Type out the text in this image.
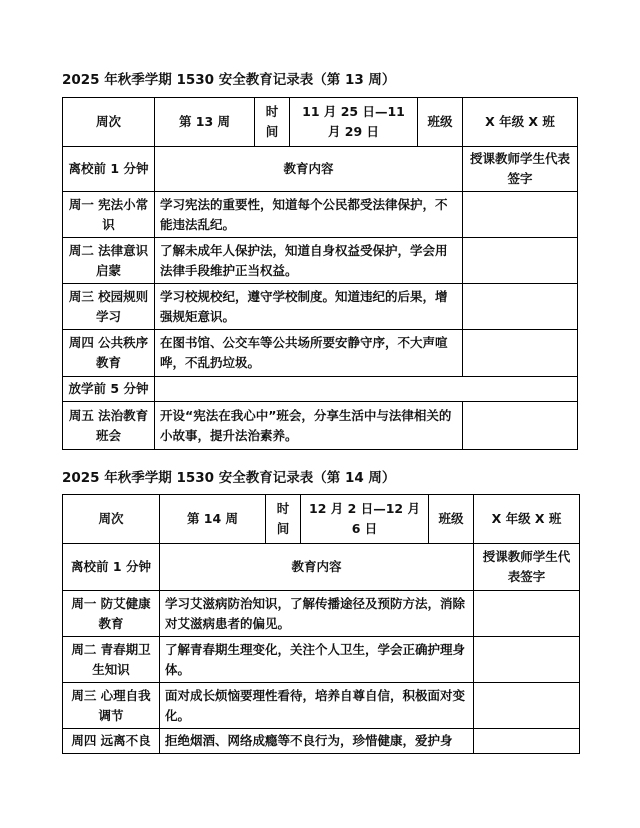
2025 年秋季学期 1530 安全教育记录表（第 13 周）
周次	第 13 周	时间	11 月 25 日—11 月 29 日	班级	X 年级 X 班
离校前 1 分钟	教育内容				授课教师学生代表签字
周一 宪法小常识	学习宪法的重要性，知道每个公民都受法律保护，不能违法乱纪。				
周二 法律意识启蒙	了解未成年人保护法，知道自身权益受保护，学会用法律手段维护正当权益。				
周三 校园规则学习	学习校规校纪，遵守学校制度。知道违纪的后果，增强规矩意识。				
周四 公共秩序教育	在图书馆、公交车等公共场所要安静守序，不大声喧哗，不乱扔垃圾。				
放学前 5 分钟					
周五 法治教育班会	开设“宪法在我心中”班会，分享生活中与法律相关的小故事，提升法治素养。				
2025 年秋季学期 1530 安全教育记录表（第 14 周）
周次	第 14 周	时间	12 月 2 日—12 月 6 日	班级	X 年级 X 班
离校前 1 分钟	教育内容				授课教师学生代表签字
周一 防艾健康教育	学习艾滋病防治知识，了解传播途径及预防方法，消除对艾滋病患者的偏见。				
周二 青春期卫生知识	了解青春期生理变化，关注个人卫生，学会正确护理身体。				
周三 心理自我调节	面对成长烦恼要理性看待，培养自尊自信，积极面对变化。				
周四 远离不良	拒绝烟酒、网络成瘾等不良行为，珍惜健康，爱护身				
